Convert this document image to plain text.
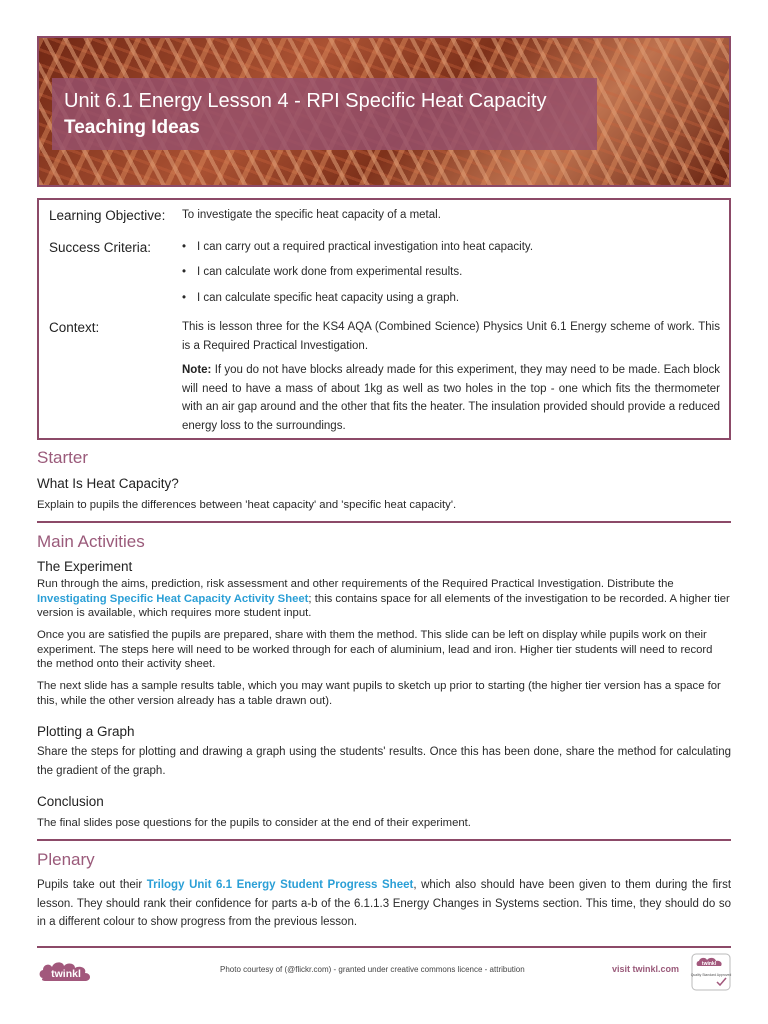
Unit 6.1 Energy Lesson 4 - RPI Specific Heat Capacity
Teaching Ideas
Learning Objective: To investigate the specific heat capacity of a metal.
Success Criteria:
•	I can carry out a required practical investigation into heat capacity.
• I can calculate work done from experimental results.
• I can calculate specific heat capacity using a graph.
Context:	This is lesson three for the KS4 AQA (Combined Science) Physics Unit 6.1 Energy scheme of work. This is a Required Practical Investigation.
Note: If you do not have blocks already made for this experiment, they may need to be made. Each block will need to have a mass of about 1kg as well as two holes in the top - one which fits the thermometer with an air gap around and the other that fits the heater. The insulation provided should provide a reduced energy loss to the surroundings.
Starter
What Is Heat Capacity?
Explain to pupils the differences between 'heat capacity' and 'specific heat capacity'.
Main Activities
The Experiment
Run through the aims, prediction, risk assessment and other requirements of the Required Practical Investigation. Distribute the Investigating Specific Heat Capacity Activity Sheet; this contains space for all elements of the investigation to be recorded. A higher tier version is available, which requires more student input.
Once you are satisfied the pupils are prepared, share with them the method. This slide can be left on display while pupils work on their experiment. The steps here will need to be worked through for each of aluminium, lead and iron. Higher tier students will need to record the method onto their activity sheet.
The next slide has a sample results table, which you may want pupils to sketch up prior to starting (the higher tier version has a space for this, while the other version already has a table drawn out).
Plotting a Graph
Share the steps for plotting and drawing a graph using the students' results. Once this has been done, share the method for calculating the gradient of the graph.
Conclusion
The final slides pose questions for the pupils to consider at the end of their experiment.
Plenary
Pupils take out their Trilogy Unit 6.1 Energy Student Progress Sheet, which also should have been given to them during the first lesson. They should rank their confidence for parts a-b of the 6.1.1.3 Energy Changes in Systems section. This time, they should do so in a different colour to show progress from the previous lesson.
twinkl	Photo courtesy of (@flickr.com) - granted under creative commons licence - attribution	visit twinkl.com	twinkl
Quality Standard Approved
